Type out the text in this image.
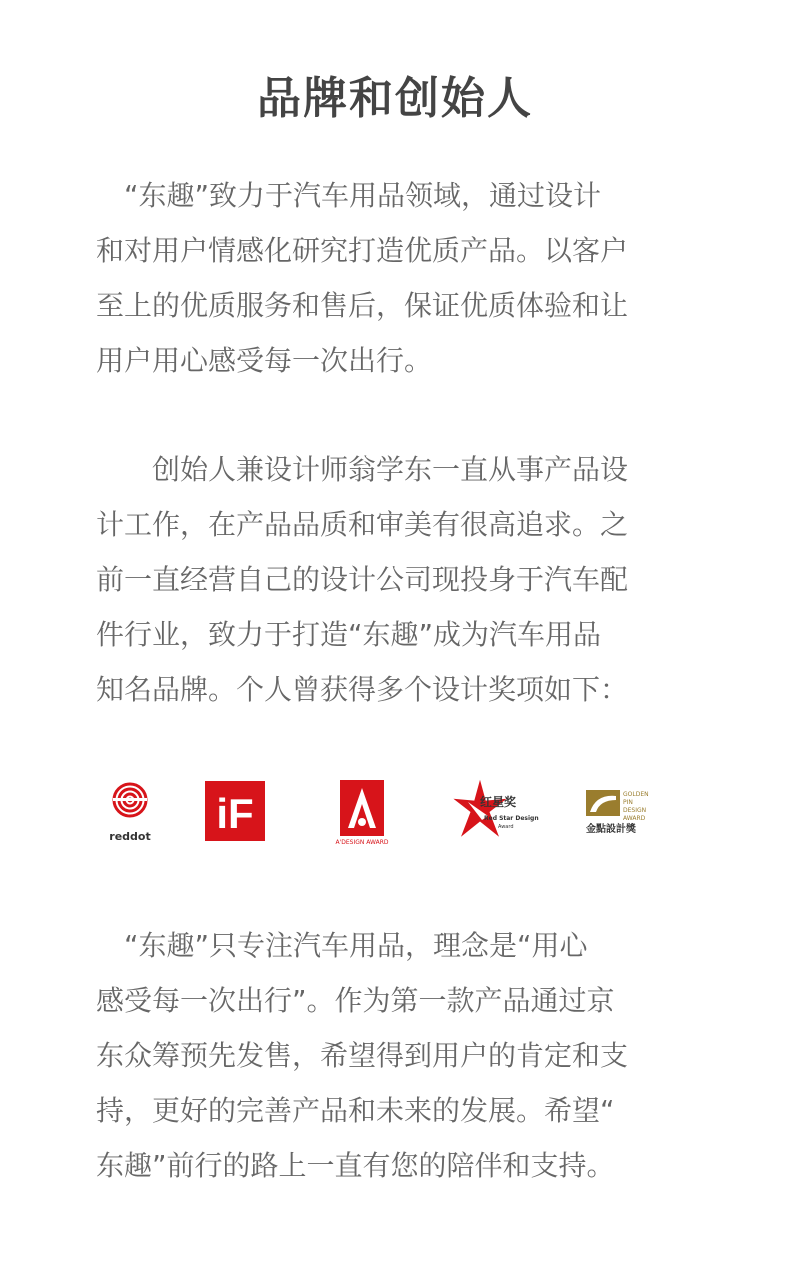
品牌和创始人

　“东趣”致力于汽车用品领域，通过设计
和对用户情感化研究打造优质产品。以客户
至上的优质服务和售后，保证优质体验和让
用户用心感受每一次出行。

　　创始人兼设计师翁学东一直从事产品设
计工作，在产品品质和审美有很高追求。之
前一直经营自己的设计公司现投身于汽车配
件行业，致力于打造“东趣”成为汽车用品
知名品牌。个人曾获得多个设计奖项如下：

reddot iF
A'DESIGN AWARD
红星奖
Red Star Design
Award
GOLDEN
PIN
DESIGN
AWARD
金點設計獎

　“东趣”只专注汽车用品，理念是“用心
感受每一次出行”。作为第一款产品通过京
东众筹预先发售，希望得到用户的肯定和支
持，更好的完善产品和未来的发展。希望“
东趣”前行的路上一直有您的陪伴和支持。
